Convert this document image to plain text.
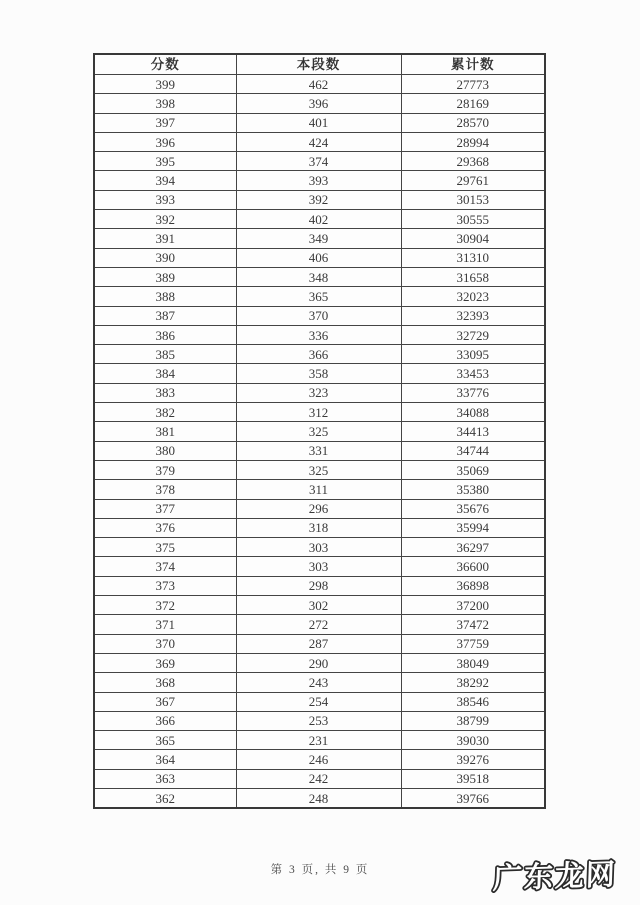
分数	本段数	累计数
399	462	27773
398	396	28169
397	401	28570
396	424	28994
395	374	29368
394	393	29761
393	392	30153
392	402	30555
391	349	30904
390	406	31310
389	348	31658
388	365	32023
387	370	32393
386	336	32729
385	366	33095
384	358	33453
383	323	33776
382	312	34088
381	325	34413
380	331	34744
379	325	35069
378	311	35380
377	296	35676
376	318	35994
375	303	36297
374	303	36600
373	298	36898
372	302	37200
371	272	37472
370	287	37759
369	290	38049
368	243	38292
367	254	38546
366	253	38799
365	231	39030
364	246	39276
363	242	39518
362	248	39766
第 3 页, 共 9 页	广东龙网
